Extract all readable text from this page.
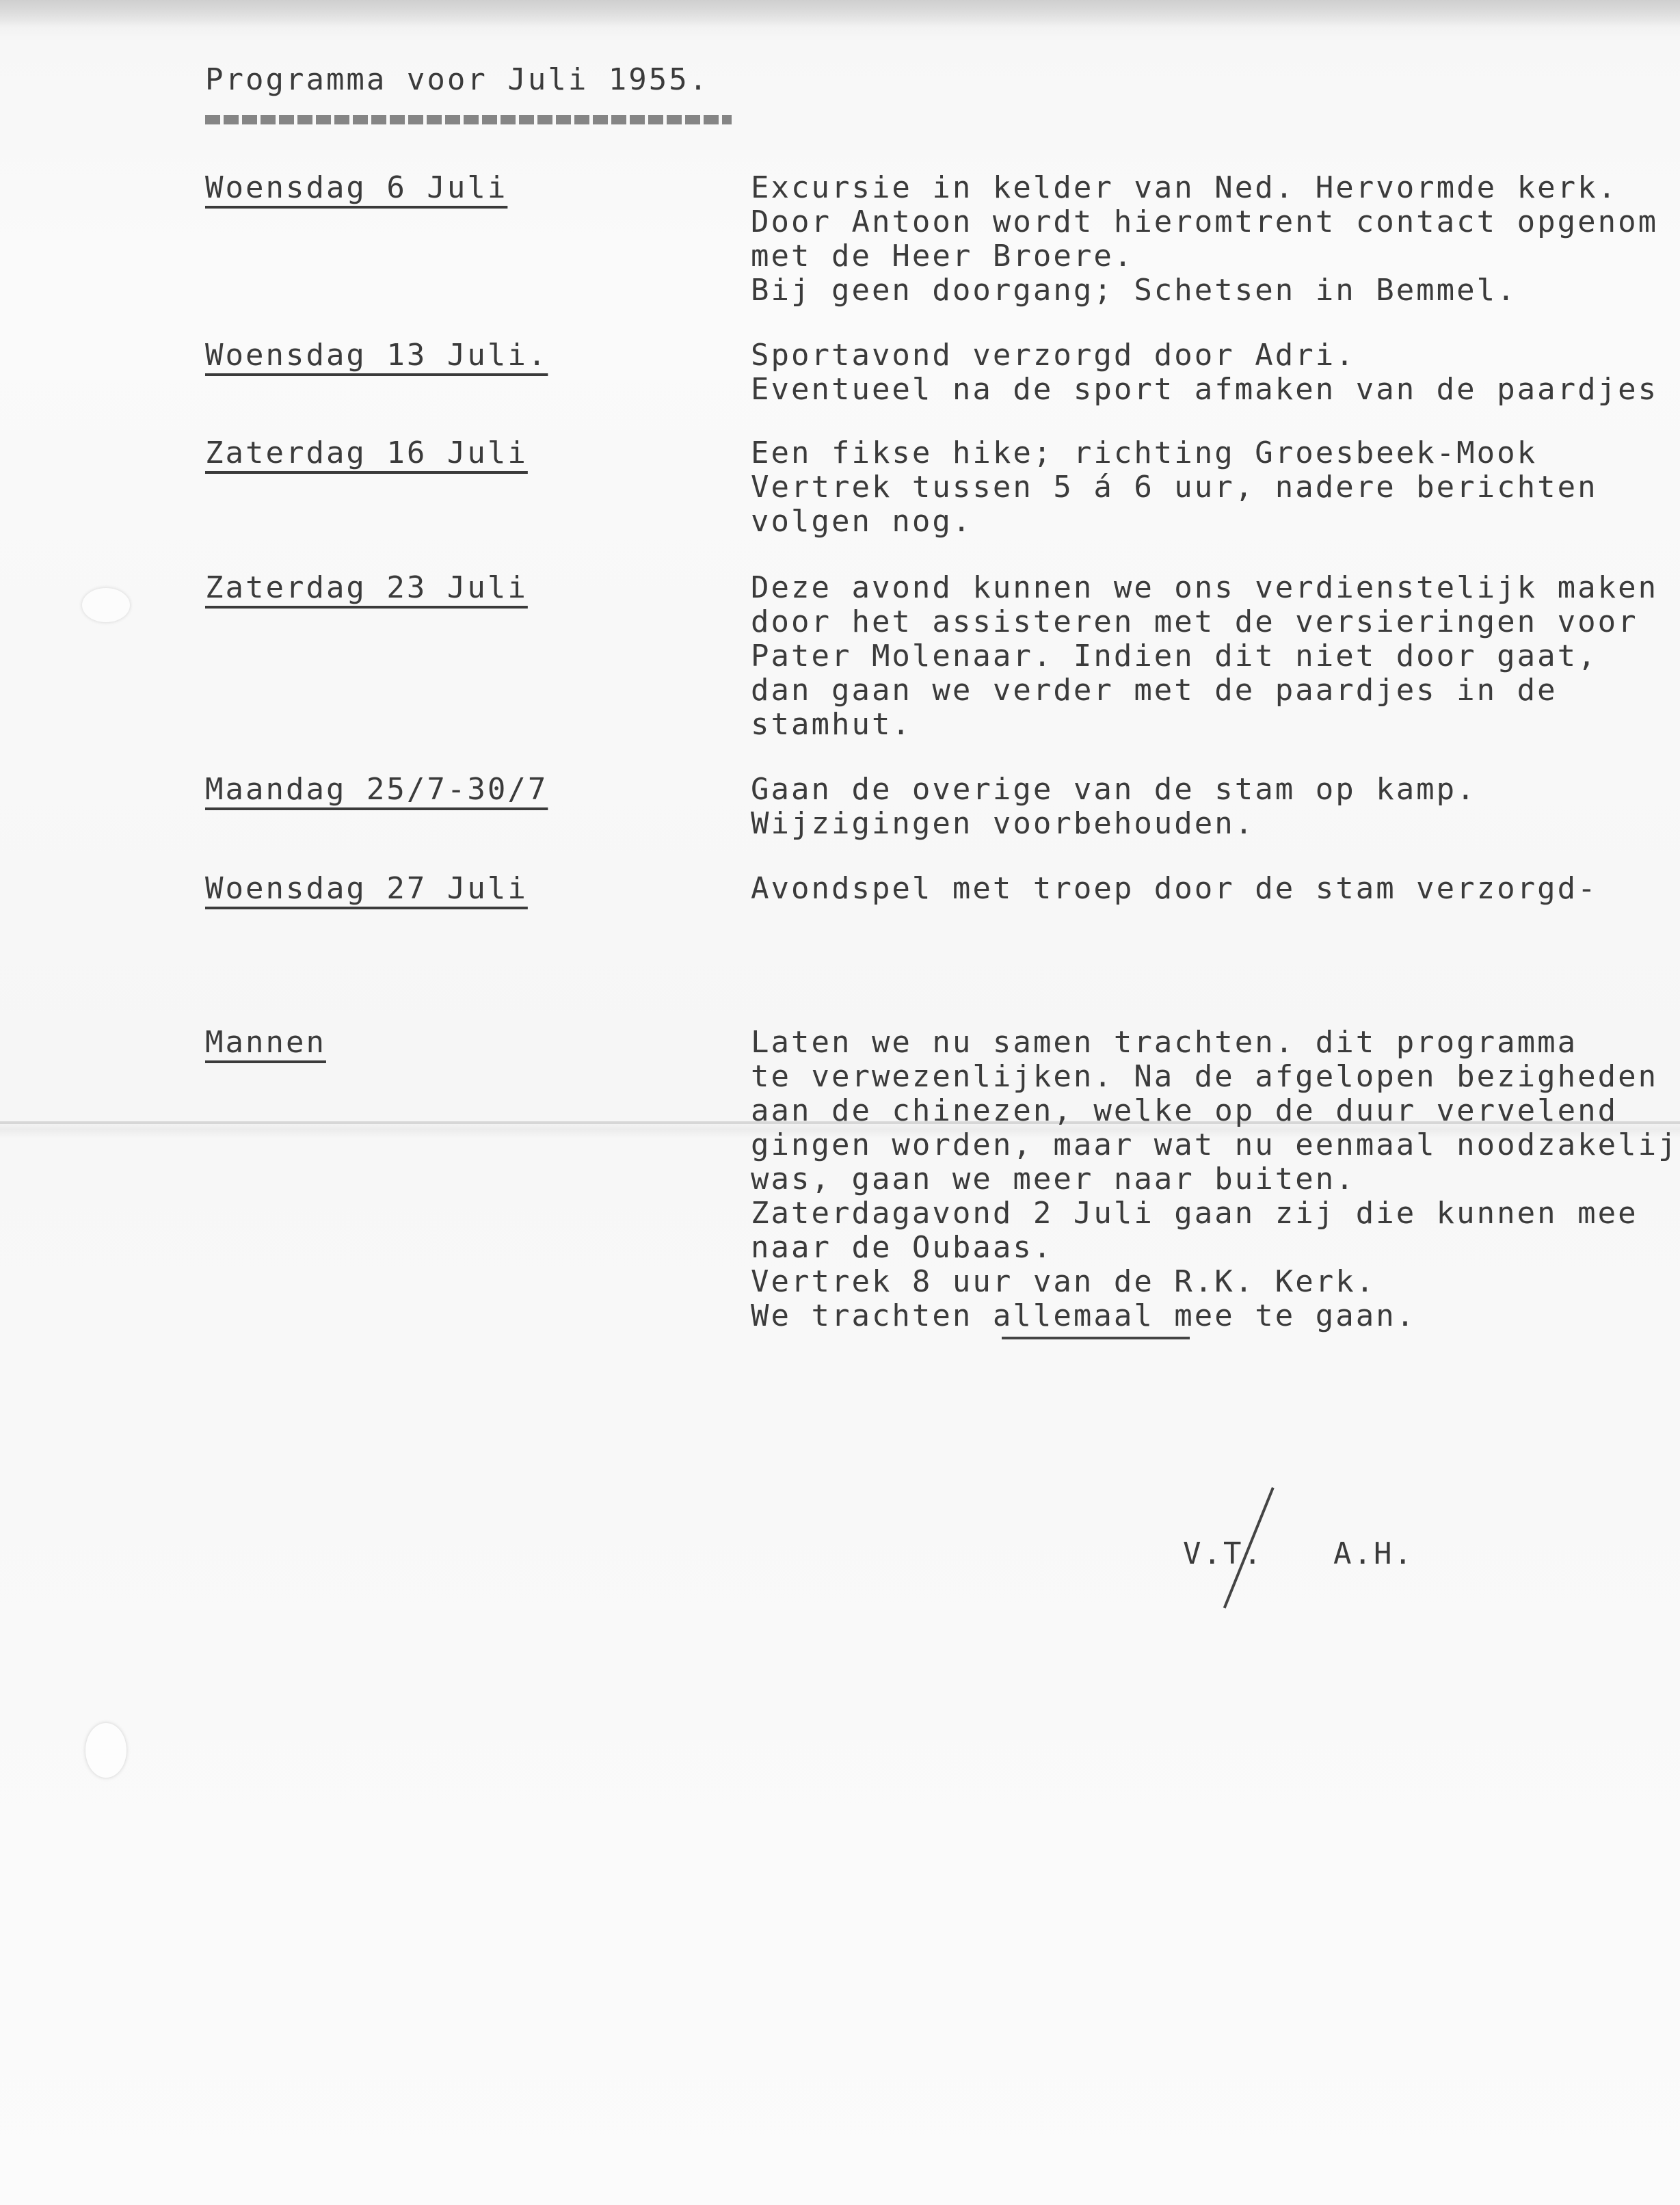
Programma voor Juli 1955.
Woensdag 6 Juli	Excursie in kelder van Ned. Hervormde kerk.
Door Antoon wordt hieromtrent contact opgenom
met de Heer Broere.
Bij geen doorgang; Schetsen in Bemmel.
Woensdag 13 Juli.	Sportavond verzorgd door Adri.
Eventueel na de sport afmaken van de paardjes
Zaterdag 16 Juli	Een fikse hike; richting Groesbeek-Mook
Vertrek tussen 5 á 6 uur, nadere berichten
volgen nog.
Zaterdag 23 Juli	Deze avond kunnen we ons verdienstelijk maken
door het assisteren met de versieringen voor
Pater Molenaar. Indien dit niet door gaat,
dan gaan we verder met de paardjes in de
stamhut.
Maandag 25/7-30/7	Gaan de overige van de stam op kamp.
Wijzigingen voorbehouden.
Woensdag 27 Juli	Avondspel met troep door de stam verzorgd-
Mannen	Laten we nu samen trachten. dit programma
te verwezenlijken. Na de afgelopen bezigheden
aan de chinezen, welke op de duur vervelend
gingen worden, maar wat nu eenmaal noodzakelij
was, gaan we meer naar buiten.
Zaterdagavond 2 Juli gaan zij die kunnen mee
naar de Oubaas.
Vertrek 8 uur van de R.K. Kerk.
We trachten allemaal mee te gaan.
V.T. A.H.
